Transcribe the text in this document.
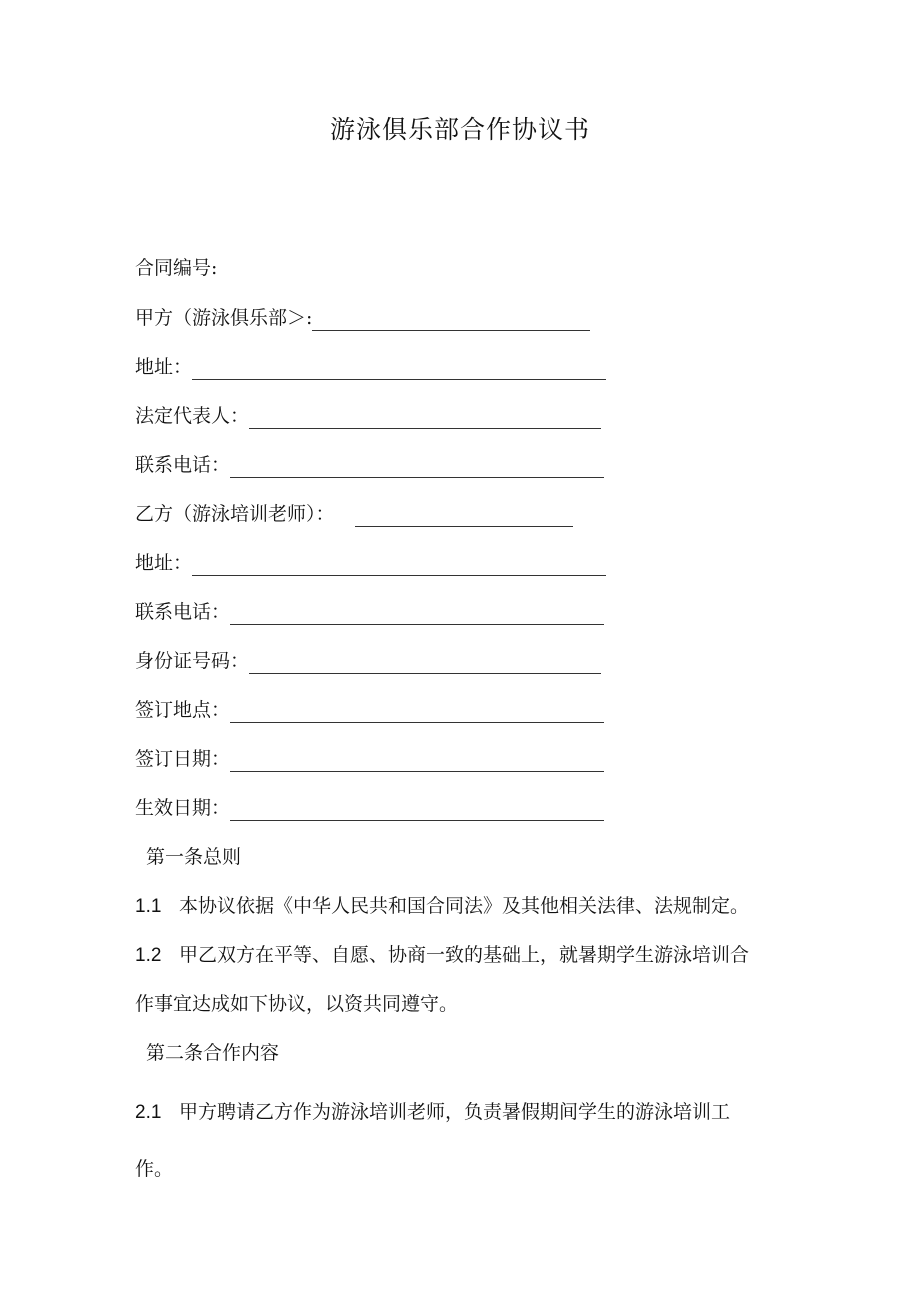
游泳俱乐部合作协议书
合同编号:
甲方（游泳俱乐部＞:
地址：
法定代表人：
联系电话：
乙方（游泳培训老师）：
地址：
联系电话：
身份证号码：
签订地点：
签订日期：
生效日期：
第一条总则
1.1 本协议依据《中华人民共和国合同法》及其他相关法律、法规制定。
1.2 甲乙双方在平等、自愿、协商一致的基础上，就暑期学生游泳培训合
作事宜达成如下协议，以资共同遵守。
第二条合作内容
2.1 甲方聘请乙方作为游泳培训老师，负责暑假期间学生的游泳培训工
作。
